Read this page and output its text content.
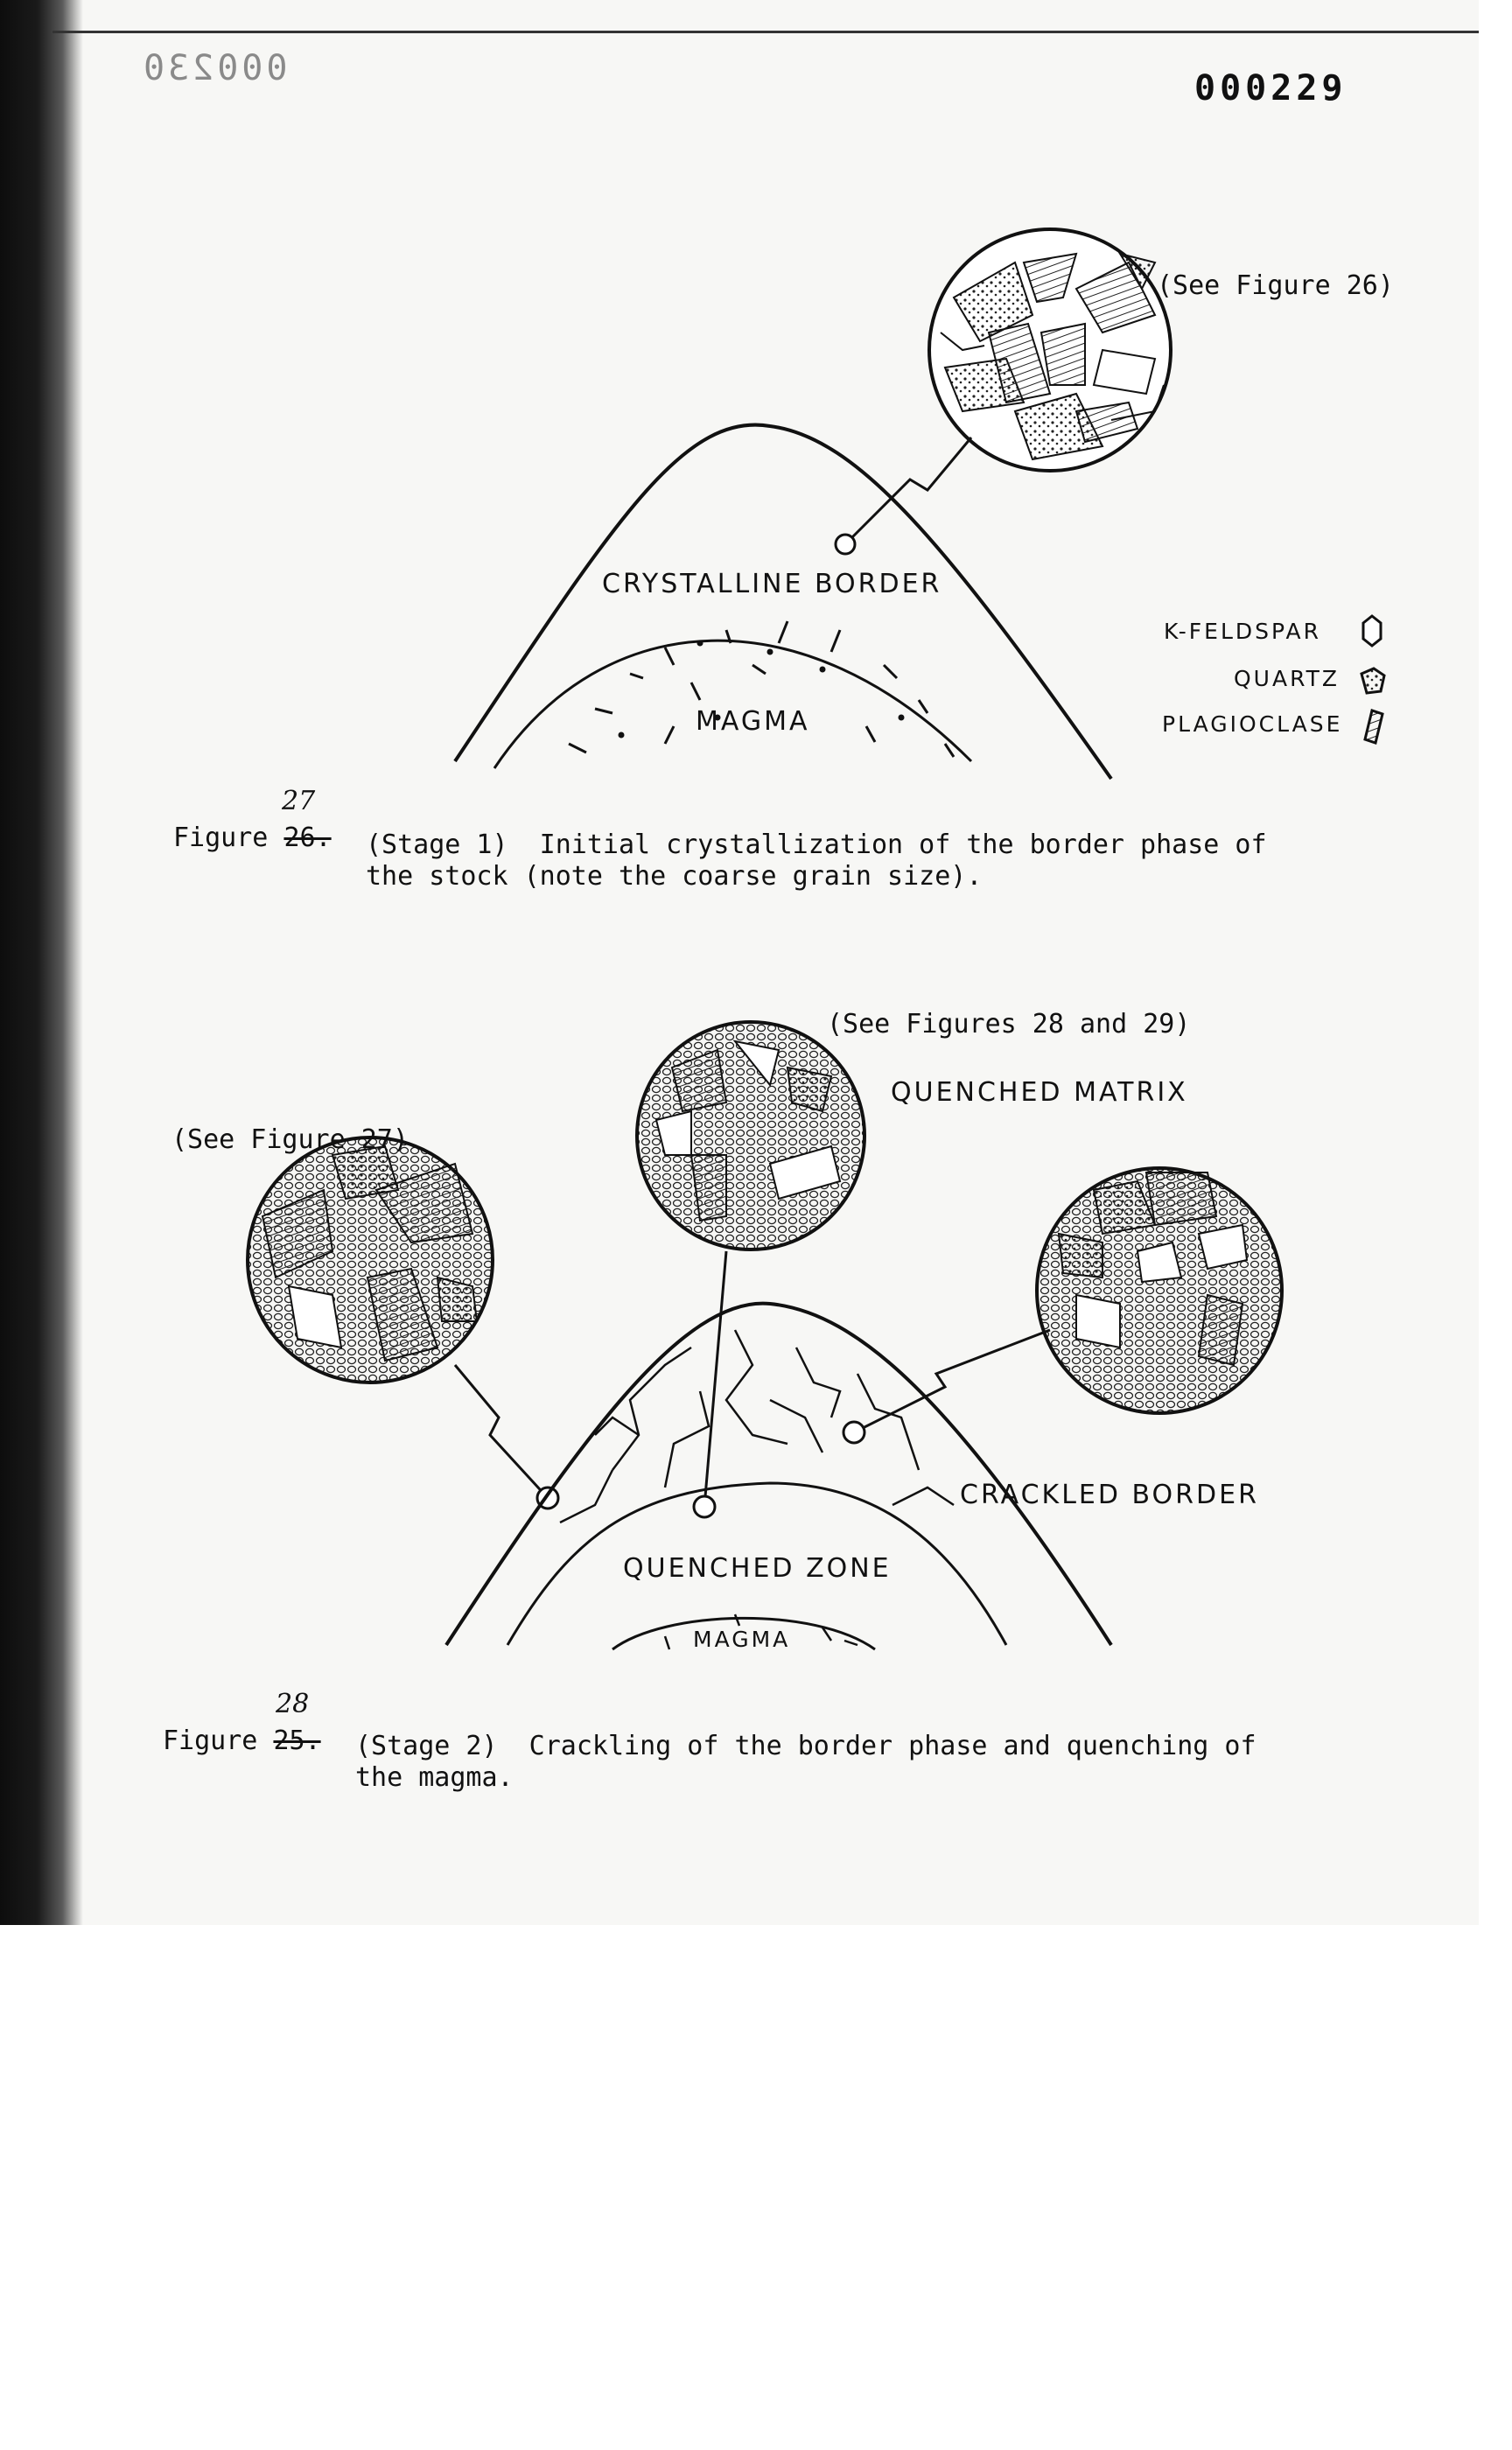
000230	000229
CRYSTALLINE BORDER
MAGMA
(See Figure 26)
K-FELDSPAR
QUARTZ
PLAGIOCLASE
(See Figures 28 and 29)
QUENCHED MATRIX
(See Figure 27)
CRACKLED BORDER
QUENCHED ZONE
MAGMA
Figure 26.
27
(Stage 1)  Initial crystallization of the border phase of
the stock (note the coarse grain size).
Figure 25.
28
(Stage 2)  Crackling of the border phase and quenching of
the magma.
